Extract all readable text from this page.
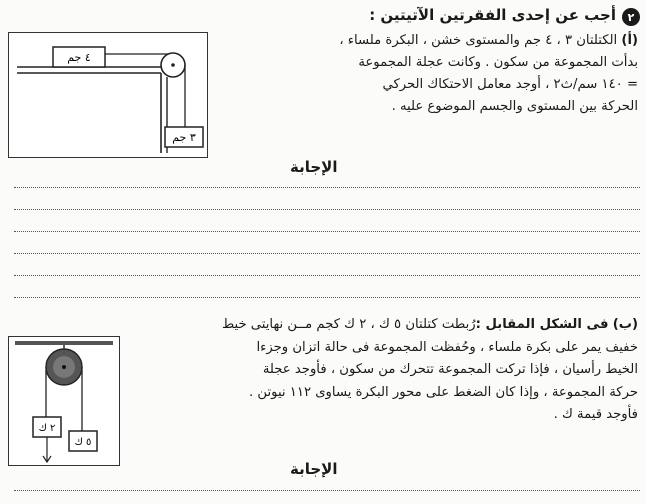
٢
أجب عن إحدى الفقرتين الآتيتين :
٤ جم
٣ جم

(أ) الكتلتان ٣ ، ٤ جم والمستوى خشن ، البكرة ملساء ،

بدأت المجموعة من سكون . وكانت عجلة المجموعة

= ١٤٠ سم/ث٢ ، أوجد معامل الاحتكاك الحركي

الحركة بين المستوى والجسم الموضوع عليه .

الإجابة
٢ ك
٥ ك

(ب) فى الشكل المقابل :رُبطت كتلتان ٥ ك ، ٢ ك كجم مــن نهايتى خيط

خفيف يمر على بكرة ملساء ، وحُفظت المجموعة فى حالة اتزان وجزءا

الخيط رأسيان ، فإذا تركت المجموعة تتحرك من سكون ، فأوجد عجلة

حركة المجموعة ، وإذا كان الضغط على محور البكرة يساوى ١١٢ نيوتن .

فأوجد قيمة ك .

الإجابة
